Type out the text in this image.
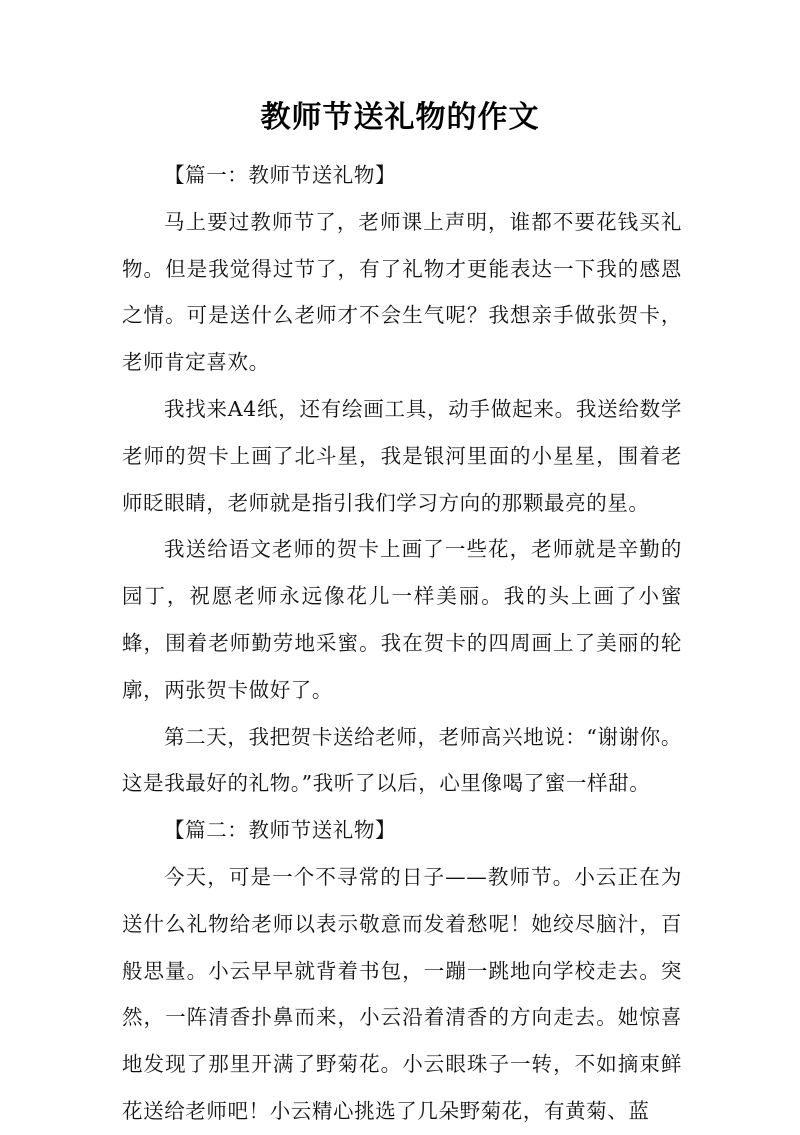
教师节送礼物的作文

【篇一：教师节送礼物】

马上要过教师节了，老师课上声明，谁都不要花钱买礼物。但是我觉得过节了，有了礼物才更能表达一下我的感恩之情。可是送什么老师才不会生气呢？我想亲手做张贺卡，老师肯定喜欢。

我找来A4纸，还有绘画工具，动手做起来。我送给数学老师的贺卡上画了北斗星，我是银河里面的小星星，围着老师眨眼睛，老师就是指引我们学习方向的那颗最亮的星。

我送给语文老师的贺卡上画了一些花，老师就是辛勤的园丁，祝愿老师永远像花儿一样美丽。我的头上画了小蜜蜂，围着老师勤劳地采蜜。我在贺卡的四周画上了美丽的轮廓，两张贺卡做好了。

第二天，我把贺卡送给老师，老师高兴地说：“谢谢你。这是我最好的礼物。”我听了以后，心里像喝了蜜一样甜。

【篇二：教师节送礼物】

今天，可是一个不寻常的日子——教师节。小云正在为送什么礼物给老师以表示敬意而发着愁呢！她绞尽脑汁，百般思量。小云早早就背着书包，一蹦一跳地向学校走去。突然，一阵清香扑鼻而来，小云沿着清香的方向走去。她惊喜地发现了那里开满了野菊花。小云眼珠子一转，不如摘束鲜花送给老师吧！小云精心挑选了几朵野菊花，有黄菊、蓝
